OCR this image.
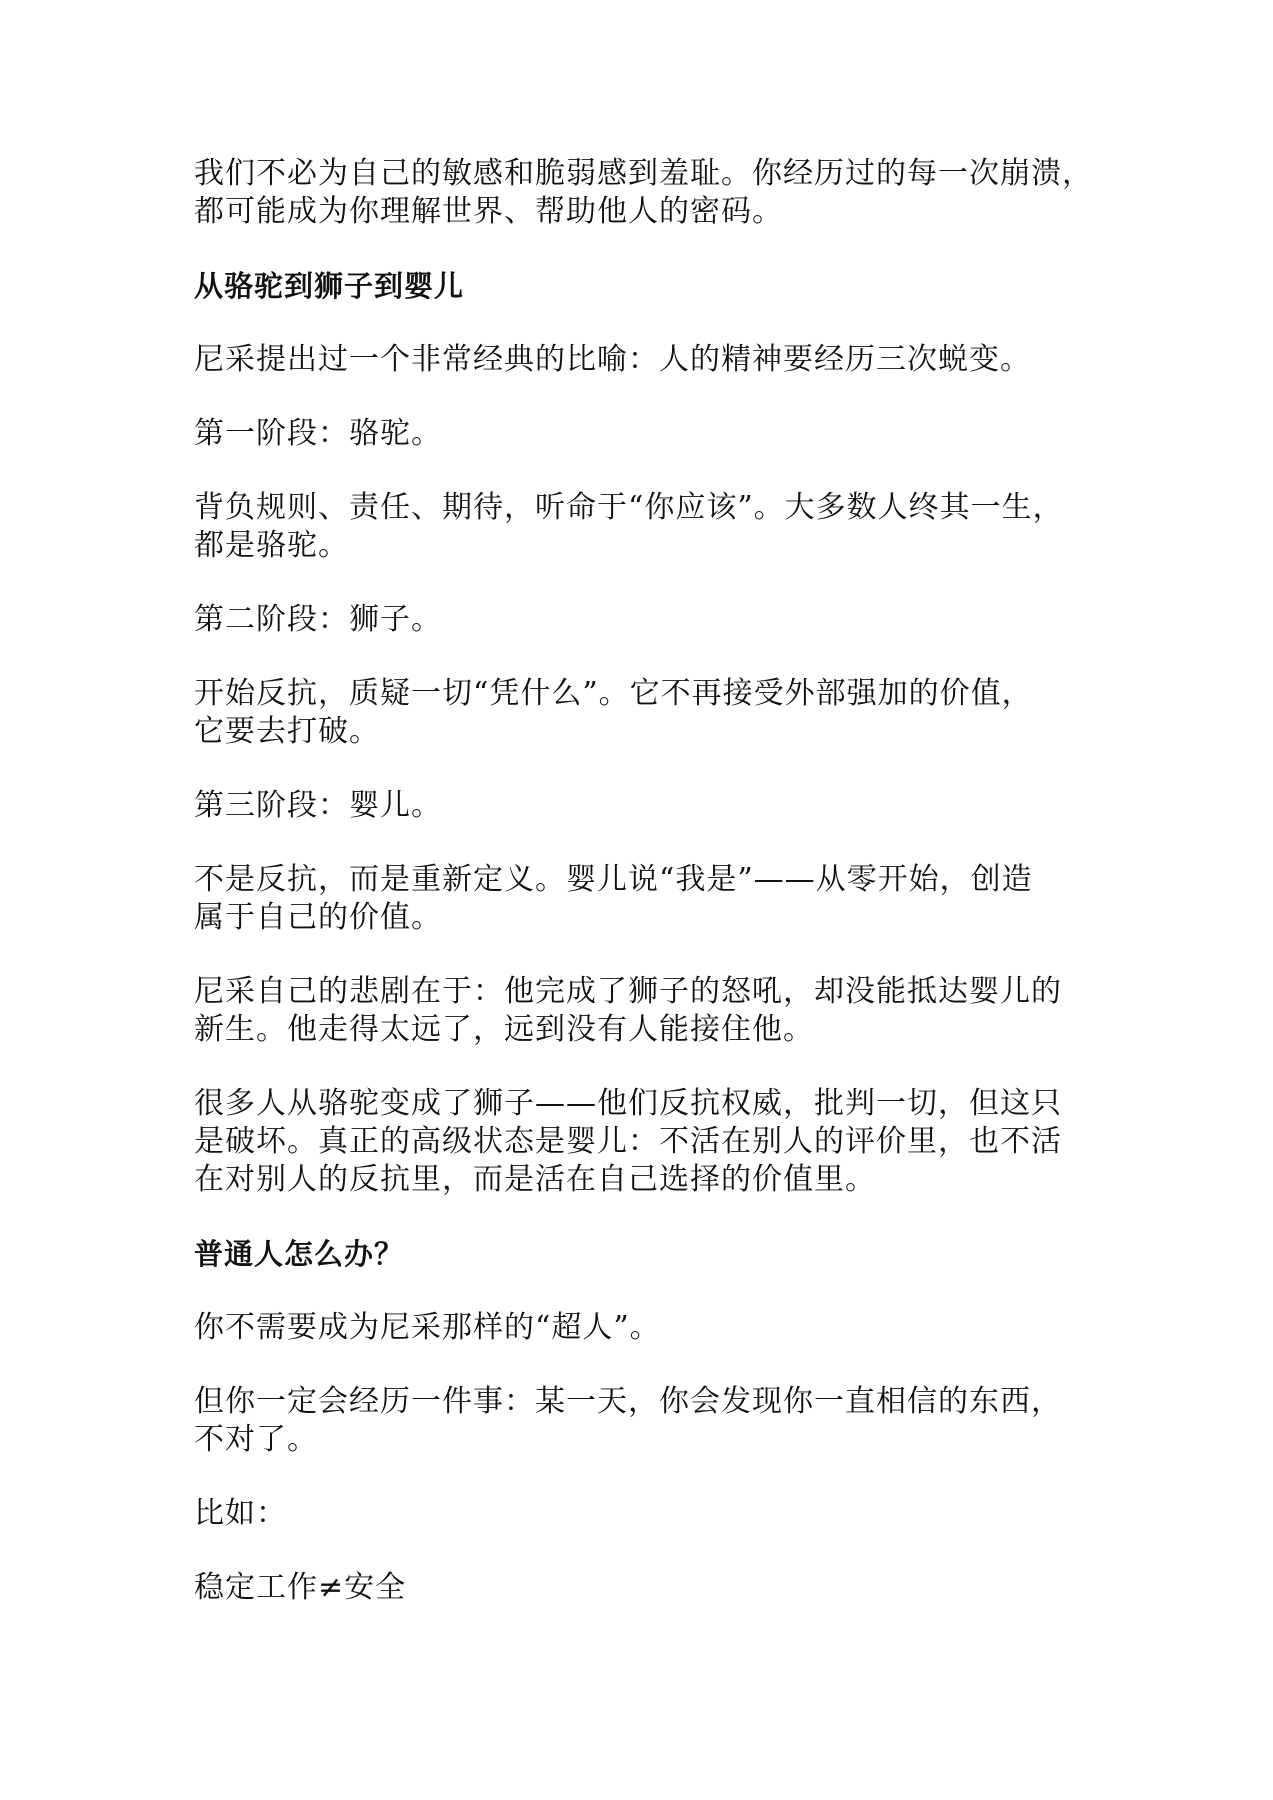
我们不必为自己的敏感和脆弱感到羞耻。你经历过的每一次崩溃，
都可能成为你理解世界、帮助他人的密码。

从骆驼到狮子到婴儿

尼采提出过一个非常经典的比喻：人的精神要经历三次蜕变。

第一阶段：骆驼。

背负规则、责任、期待，听命于“你应该”。大多数人终其一生，
都是骆驼。

第二阶段：狮子。

开始反抗，质疑一切“凭什么”。它不再接受外部强加的价值，
它要去打破。

第三阶段：婴儿。

不是反抗，而是重新定义。婴儿说“我是”——从零开始，创造
属于自己的价值。

尼采自己的悲剧在于：他完成了狮子的怒吼，却没能抵达婴儿的
新生。他走得太远了，远到没有人能接住他。

很多人从骆驼变成了狮子——他们反抗权威，批判一切，但这只
是破坏。真正的高级状态是婴儿：不活在别人的评价里，也不活
在对别人的反抗里，而是活在自己选择的价值里。

普通人怎么办？

你不需要成为尼采那样的“超人”。

但你一定会经历一件事：某一天，你会发现你一直相信的东西，
不对了。

比如：

稳定工作≠安全
